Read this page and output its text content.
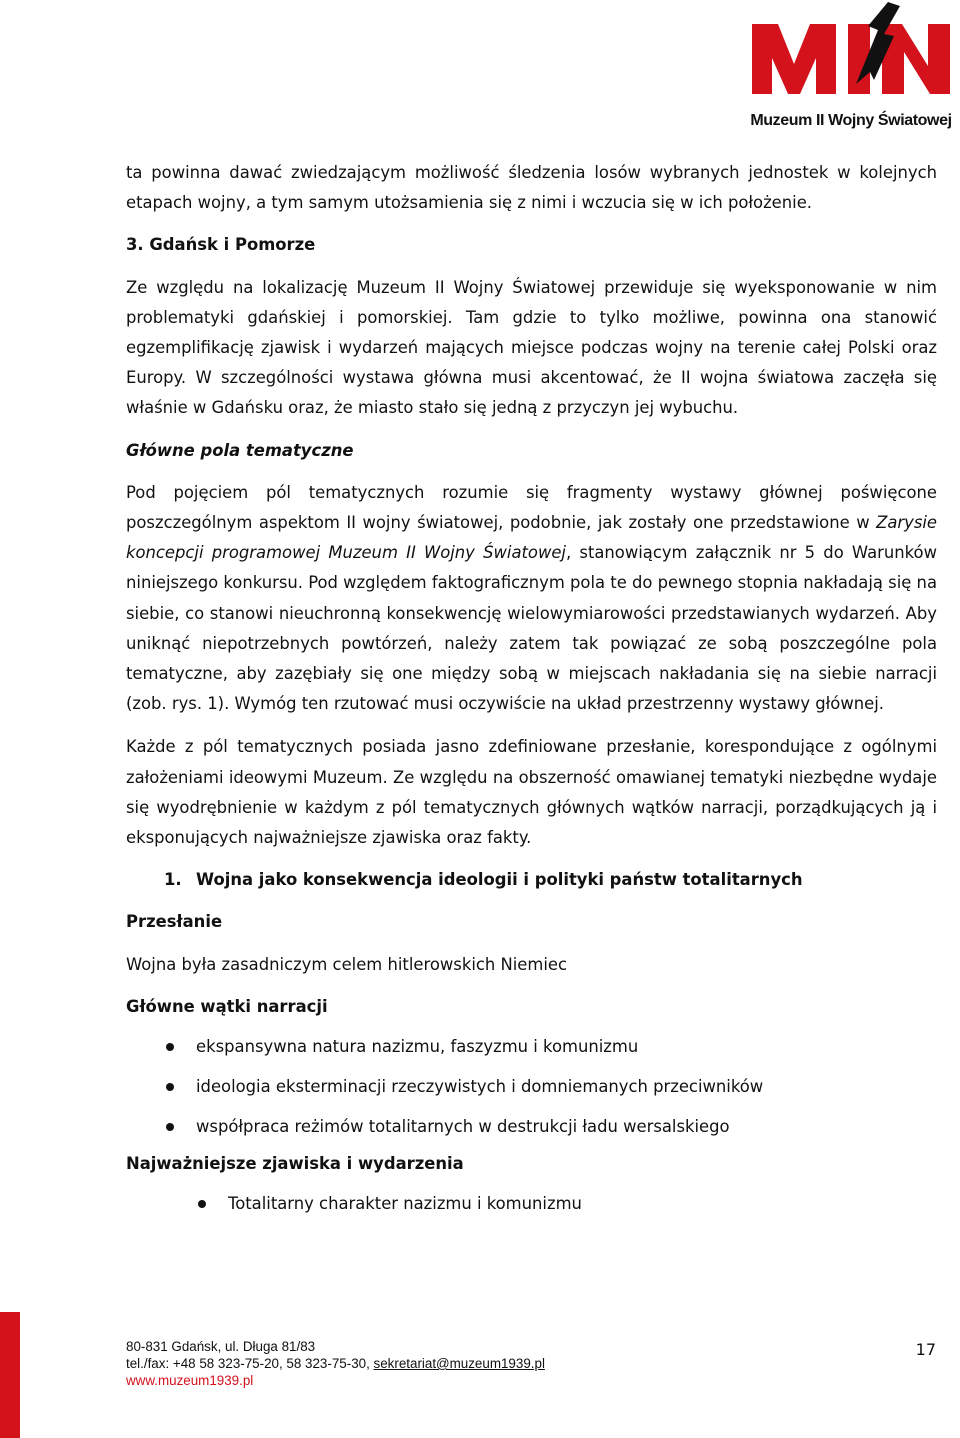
Muzeum II Wojny Światowej

ta powinna dawać zwiedzającym możliwość śledzenia losów wybranych jednostek w kolejnych etapach wojny, a tym samym utożsamienia się z nimi i wczucia się w ich położenie.

3. Gdańsk i Pomorze

Ze względu na lokalizację Muzeum II Wojny Światowej przewiduje się wyeksponowanie w nim problematyki gdańskiej i pomorskiej. Tam gdzie to tylko możliwe, powinna ona stanowić egzemplifikację zjawisk i wydarzeń mających miejsce podczas wojny na terenie całej Polski oraz Europy. W szczególności wystawa główna musi akcentować, że II wojna światowa zaczęła się właśnie w Gdańsku oraz, że miasto stało się jedną z przyczyn jej wybuchu.

Główne pola tematyczne

Pod pojęciem pól tematycznych rozumie się fragmenty wystawy głównej poświęcone poszczególnym aspektom II wojny światowej, podobnie, jak zostały one przedstawione w Zarysie koncepcji programowej Muzeum II Wojny Światowej, stanowiącym załącznik nr 5 do Warunków niniejszego konkursu. Pod względem faktograficznym pola te do pewnego stopnia nakładają się na siebie, co stanowi nieuchronną konsekwencję wielowymiarowości przedstawianych wydarzeń. Aby uniknąć niepotrzebnych powtórzeń, należy zatem tak powiązać ze sobą poszczególne pola tematyczne, aby zazębiały się one między sobą w miejscach nakładania się na siebie narracji (zob. rys. 1). Wymóg ten rzutować musi oczywiście na układ przestrzenny wystawy głównej.

Każde z pól tematycznych posiada jasno zdefiniowane przesłanie, korespondujące z ogólnymi założeniami ideowymi Muzeum. Ze względu na obszerność omawianej tematyki niezbędne wydaje się wyodrębnienie w każdym z pól tematycznych głównych wątków narracji, porządkujących ją i eksponujących najważniejsze zjawiska oraz fakty.

1. Wojna jako konsekwencja ideologii i polityki państw totalitarnych

Przesłanie

Wojna była zasadniczym celem hitlerowskich Niemiec

Główne wątki narracji

ekspansywna natura nazizmu, faszyzmu i komunizmu
ideologia eksterminacji rzeczywistych i domniemanych przeciwników
współpraca reżimów totalitarnych w destrukcji ładu wersalskiego

Najważniejsze zjawiska i wydarzenia

Totalitarny charakter nazizmu i komunizmu
80-831 Gdańsk, ul. Długa 81/83
tel./fax: +48 58 323-75-20, 58 323-75-30, sekretariat@muzeum1939.pl
www.muzeum1939.pl
17
